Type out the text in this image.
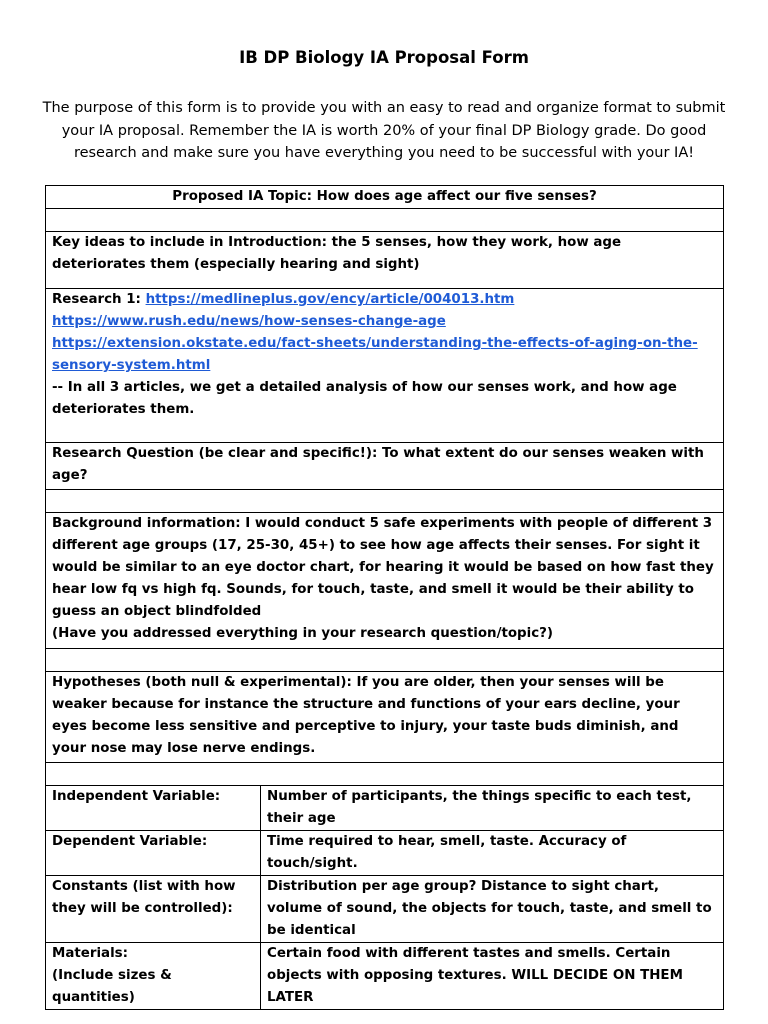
IB DP Biology IA Proposal Form
The purpose of this form is to provide you with an easy to read and organize format to submit your IA proposal. Remember the IA is worth 20% of your final DP Biology grade. Do good research and make sure you have everything you need to be successful with your IA!
Proposed IA Topic: How does age affect our five senses?	

Key ideas to include in Introduction: the 5 senses, how they work, how age deteriorates them (especially hearing and sight)	
Research 1: https://medlineplus.gov/ency/article/004013.htm
https://www.rush.edu/news/how-senses-change-age
https://extension.okstate.edu/fact-sheets/understanding-the-effects-of-aging-on-the-sensory-system.html
-- In all 3 articles, we get a detailed analysis of how our senses work, and how age deteriorates them.	

Research Question (be clear and specific!): To what extent do our senses weaken with age?	

Background information: I would conduct 5 safe experiments with people of different 3 different age groups (17, 25-30, 45+) to see how age affects their senses. For sight it would be similar to an eye doctor chart, for hearing it would be based on how fast they hear low fq vs high fq. Sounds, for touch, taste, and smell it would be their ability to guess an object blindfolded
(Have you addressed everything in your research question/topic?)	

Hypotheses (both null & experimental): If you are older, then your senses will be weaker because for instance the structure and functions of your ears decline, your eyes become less sensitive and perceptive to injury, your taste buds diminish, and your nose may lose nerve endings.	

Independent Variable:	Number of participants, the things specific to each test, their age
Dependent Variable:	Time required to hear, smell, taste. Accuracy of touch/sight.
Constants (list with how they will be controlled):	Distribution per age group? Distance to sight chart, volume of sound, the objects for touch, taste, and smell to be identical

Materials:
(Include sizes & quantities)	Certain food with different tastes and smells. Certain objects with opposing textures. WILL DECIDE ON THEM LATER
